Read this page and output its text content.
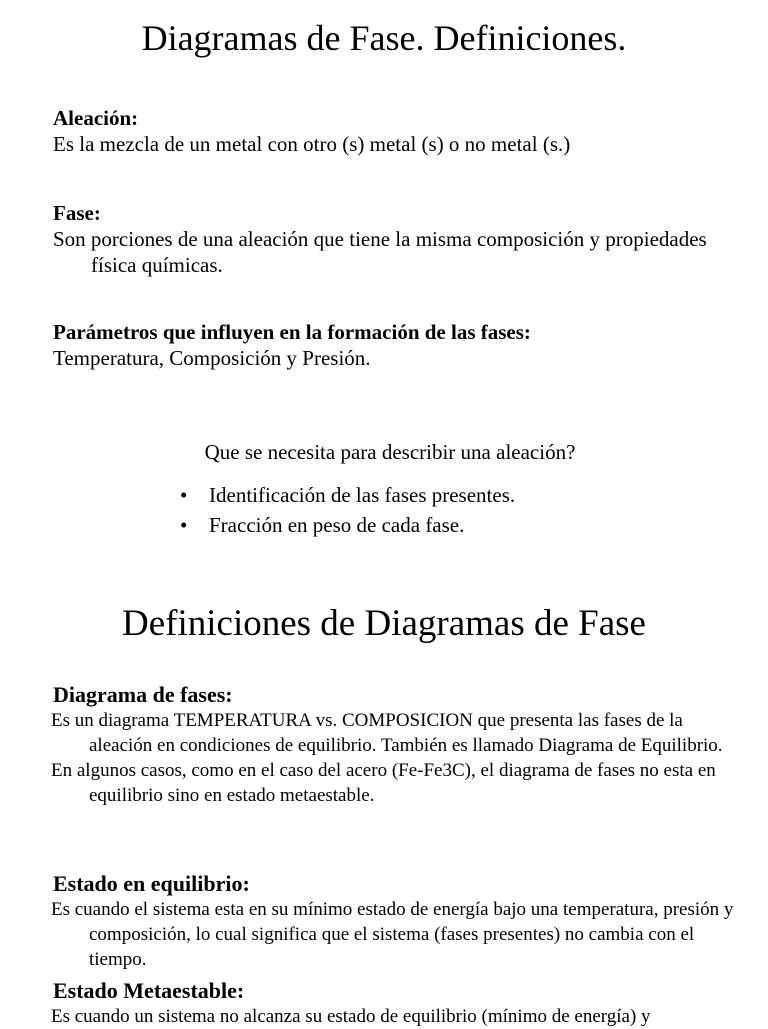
Diagramas de Fase. Definiciones.
Aleación:
Es la mezcla de un metal con otro (s) metal (s) o no metal (s.)
Fase:
Son porciones de una aleación que tiene la misma composición y propiedades física químicas.
Parámetros que influyen en la formación de las fases:
Temperatura, Composición y Presión.
Que se necesita para describir una aleación?
• Identificación de las fases presentes.
• Fracción en peso de cada fase.
Definiciones de Diagramas de Fase
Diagrama de fases:
Es un diagrama TEMPERATURA vs. COMPOSICION que presenta las fases de la aleación en condiciones de equilibrio. También es llamado Diagrama de Equilibrio.
En algunos casos, como en el caso del acero (Fe-Fe3C), el diagrama de fases no esta en equilibrio sino en estado metaestable.
Estado en equilibrio:
Es cuando el sistema esta en su mínimo estado de energía bajo una temperatura, presión y composición, lo cual significa que el sistema (fases presentes) no cambia con el tiempo.
Estado Metaestable:
Es cuando un sistema no alcanza su estado de equilibrio (mínimo de energía) y
